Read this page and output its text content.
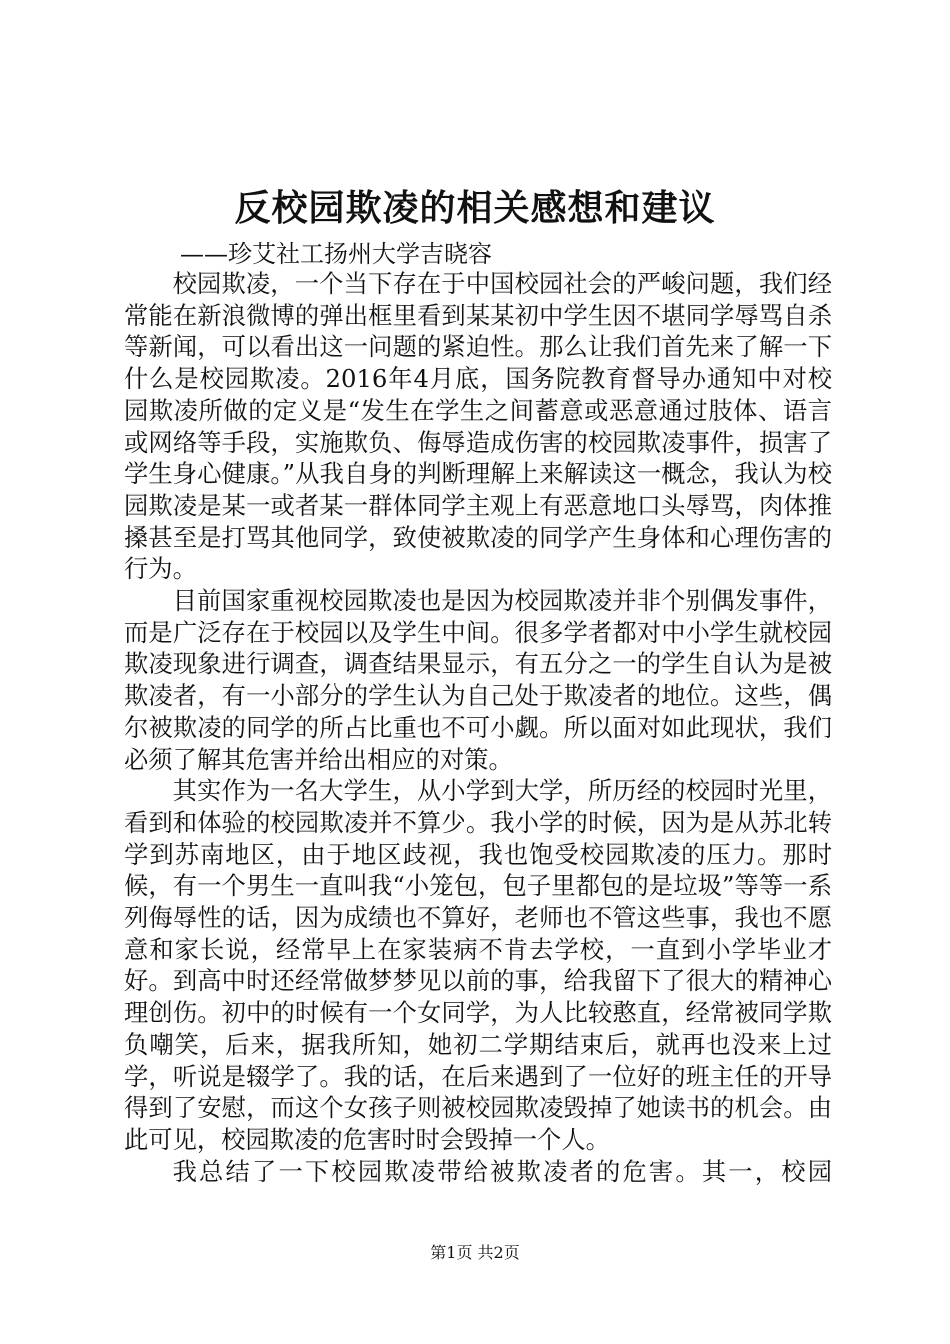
反校园欺凌的相关感想和建议
——珍艾社工扬州大学吉晓容

校园欺凌，一个当下存在于中国校园社会的严峻问题，我们经常能在新浪微博的弹出框里看到某某初中学生因不堪同学辱骂自杀等新闻，可以看出这一问题的紧迫性。那么让我们首先来了解一下什么是校园欺凌。2016年4月底，国务院教育督导办通知中对校园欺凌所做的定义是“发生在学生之间蓄意或恶意通过肢体、语言或网络等手段，实施欺负、侮辱造成伤害的校园欺凌事件，损害了学生身心健康。”从我自身的判断理解上来解读这一概念，我认为校园欺凌是某一或者某一群体同学主观上有恶意地口头辱骂，肉体推搡甚至是打骂其他同学，致使被欺凌的同学产生身体和心理伤害的行为。

目前国家重视校园欺凌也是因为校园欺凌并非个别偶发事件，而是广泛存在于校园以及学生中间。很多学者都对中小学生就校园欺凌现象进行调查，调查结果显示，有五分之一的学生自认为是被欺凌者，有一小部分的学生认为自己处于欺凌者的地位。这些，偶尔被欺凌的同学的所占比重也不可小觑。所以面对如此现状，我们必须了解其危害并给出相应的对策。

其实作为一名大学生，从小学到大学，所历经的校园时光里，看到和体验的校园欺凌并不算少。我小学的时候，因为是从苏北转学到苏南地区，由于地区歧视，我也饱受校园欺凌的压力。那时候，有一个男生一直叫我“小笼包，包子里都包的是垃圾”等等一系列侮辱性的话，因为成绩也不算好，老师也不管这些事，我也不愿意和家长说，经常早上在家装病不肯去学校，一直到小学毕业才好。到高中时还经常做梦梦见以前的事，给我留下了很大的精神心理创伤。初中的时候有一个女同学，为人比较憨直，经常被同学欺负嘲笑，后来，据我所知，她初二学期结束后，就再也没来上过学，听说是辍学了。我的话，在后来遇到了一位好的班主任的开导得到了安慰，而这个女孩子则被校园欺凌毁掉了她读书的机会。由此可见，校园欺凌的危害时时会毁掉一个人。

我总结了一下校园欺凌带给被欺凌者的危害。其一，校园

第1页 共2页
